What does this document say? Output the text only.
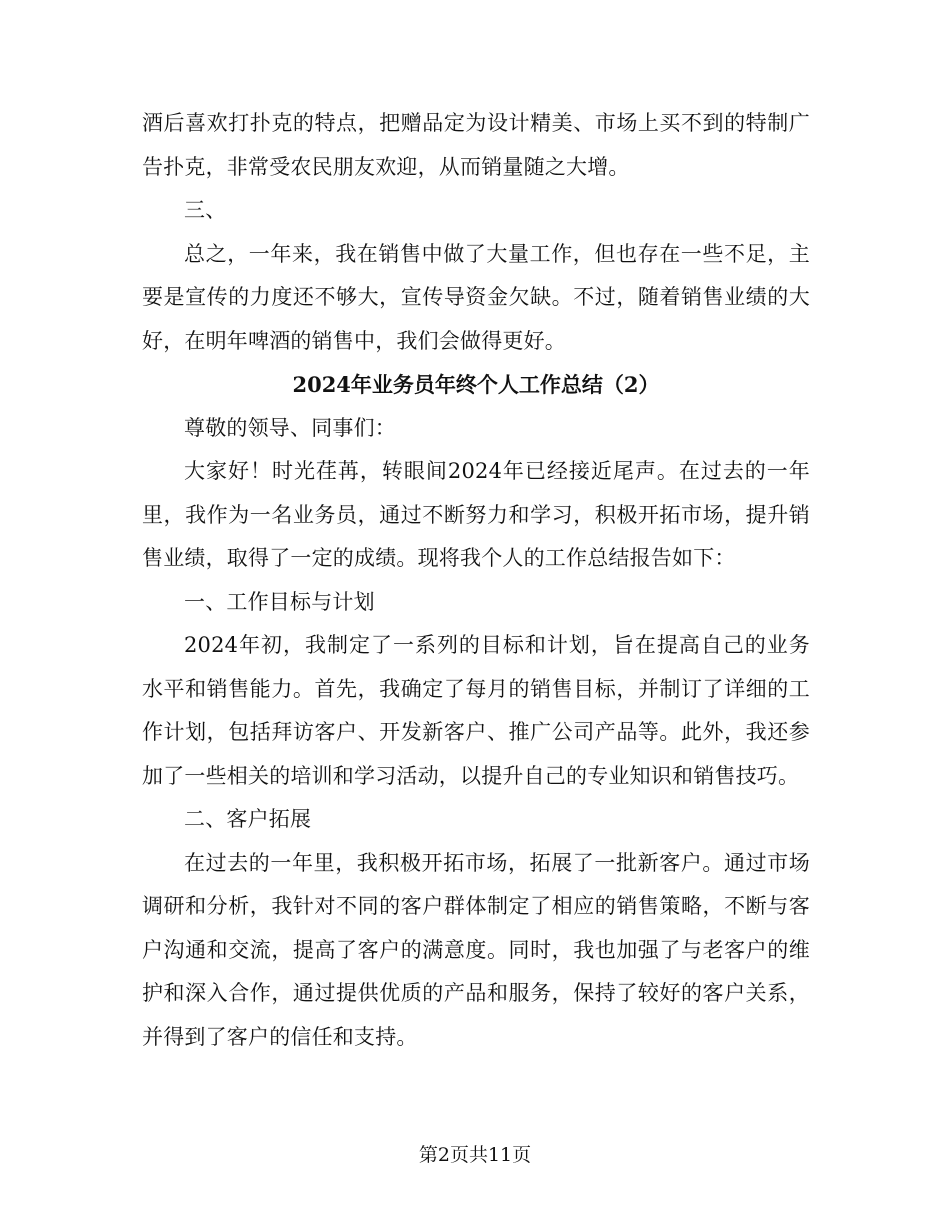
酒后喜欢打扑克的特点，把赠品定为设计精美、市场上买不到的特制广告扑克，非常受农民朋友欢迎，从而销量随之大增。

三、

总之，一年来，我在销售中做了大量工作，但也存在一些不足，主要是宣传的力度还不够大，宣传导资金欠缺。不过，随着销售业绩的大好，在明年啤酒的销售中，我们会做得更好。

2024年业务员年终个人工作总结（2）

尊敬的领导、同事们：

大家好！时光荏苒，转眼间2024年已经接近尾声。在过去的一年里，我作为一名业务员，通过不断努力和学习，积极开拓市场，提升销售业绩，取得了一定的成绩。现将我个人的工作总结报告如下：

一、工作目标与计划

2024年初，我制定了一系列的目标和计划，旨在提高自己的业务水平和销售能力。首先，我确定了每月的销售目标，并制订了详细的工作计划，包括拜访客户、开发新客户、推广公司产品等。此外，我还参加了一些相关的培训和学习活动，以提升自己的专业知识和销售技巧。

二、客户拓展

在过去的一年里，我积极开拓市场，拓展了一批新客户。通过市场调研和分析，我针对不同的客户群体制定了相应的销售策略，不断与客户沟通和交流，提高了客户的满意度。同时，我也加强了与老客户的维护和深入合作，通过提供优质的产品和服务，保持了较好的客户关系，并得到了客户的信任和支持。

第2页共11页
